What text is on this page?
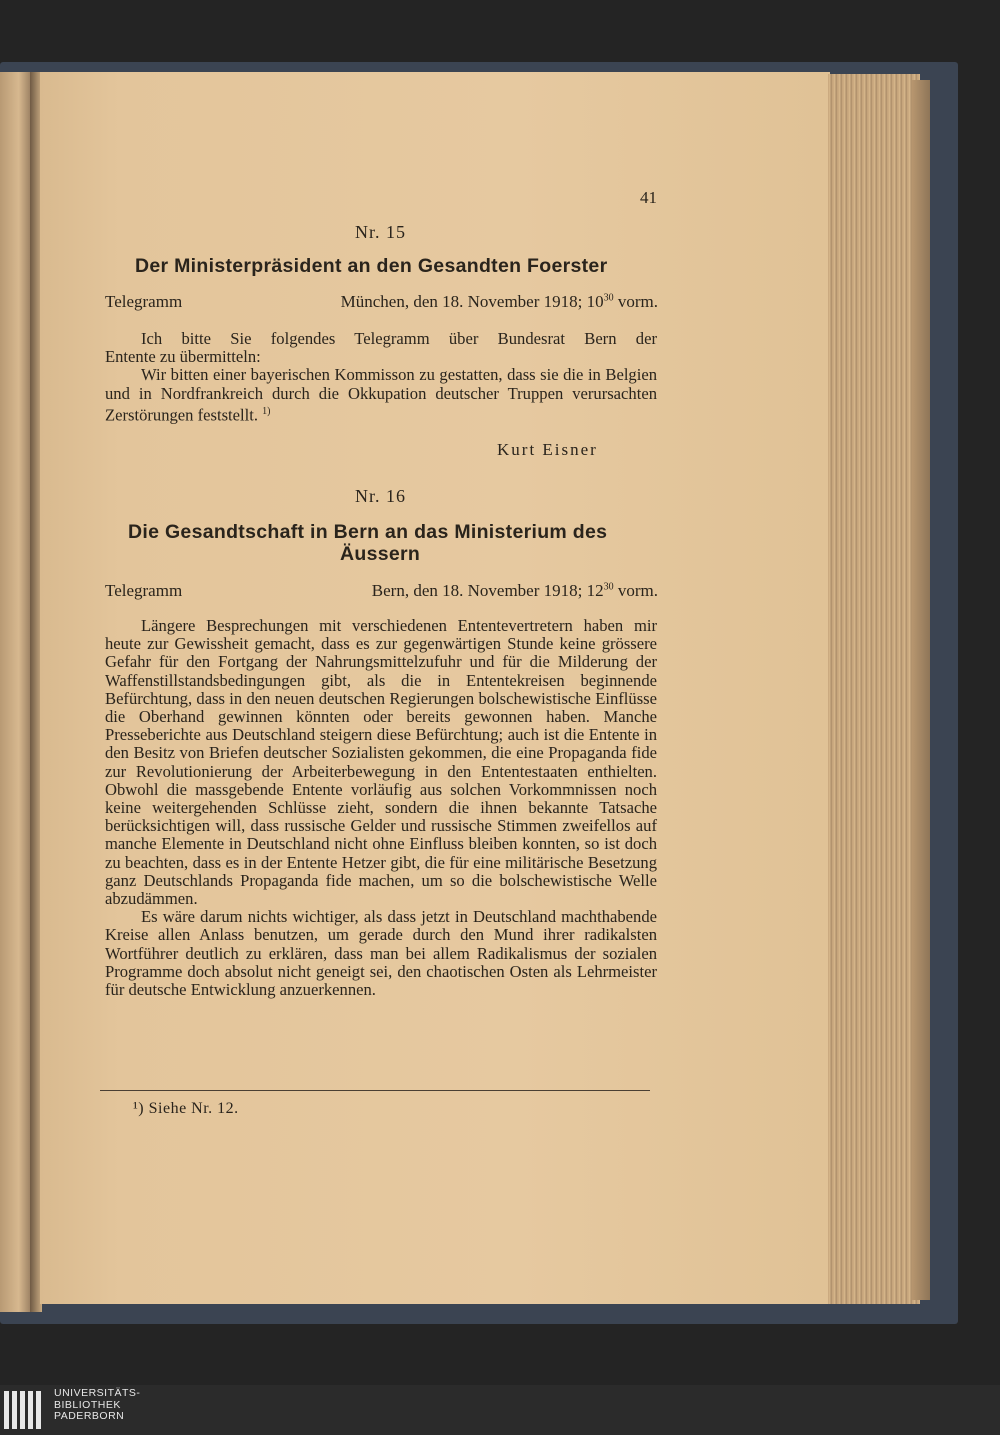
41
Nr. 15
Der Ministerpräsident an den Gesandten Foerster
Telegramm	München, den 18. November 1918; $10^{30}$ vorm.
Ich bitte Sie folgendes Telegramm über Bundesrat Bern der
Entente zu übermitteln:

Wir bitten einer bayerischen Kommisson zu gestatten, dass sie die in Belgien und in Nordfrankreich durch die Okkupation deutscher Truppen verursachten Zerstörungen feststellt. $^{1)}$

Kurt Eisner
Nr. 16
Die Gesandtschaft in Bern an das Ministerium des
Äussern
Telegramm	Bern, den 18. November 1918; $12^{30}$ vorm.

Längere Besprechungen mit verschiedenen Ententevertretern haben mir heute zur Gewissheit gemacht, dass es zur gegenwärtigen Stunde keine grössere Gefahr für den Fortgang der Nahrungsmittelzufuhr und für die Milderung der Waffenstillstandsbedingungen gibt, als die in Ententekreisen beginnende Befürchtung, dass in den neuen deutschen Regierungen bolschewistische Einflüsse die Oberhand gewinnen könnten oder bereits gewonnen haben. Manche Presseberichte aus Deutschland steigern diese Befürchtung; auch ist die Entente in den Besitz von Briefen deutscher Sozialisten gekommen, die eine Propaganda fide zur Revolutionierung der Arbeiterbewegung in den Ententestaaten enthielten. Obwohl die massgebende Entente vorläufig aus solchen Vorkommnissen noch keine weitergehenden Schlüsse zieht, sondern die ihnen bekannte Tatsache berücksichtigen will, dass russische Gelder und russische Stimmen zweifellos auf manche Elemente in Deutschland nicht ohne Einfluss bleiben konnten, so ist doch zu beachten, dass es in der Entente Hetzer gibt, die für eine militärische Besetzung ganz Deutschlands Propaganda fide machen, um so die bolschewistische Welle abzudämmen.

Es wäre darum nichts wichtiger, als dass jetzt in Deutschland machthabende Kreise allen Anlass benutzen, um gerade durch den Mund ihrer radikalsten Wortführer deutlich zu erklären, dass man bei allem Radikalismus der sozialen Programme doch absolut nicht geneigt sei, den chaotischen Osten als Lehrmeister für deutsche Entwicklung anzuerkennen.

¹) Siehe Nr. 12.
UNIVERSITÄTS-
BIBLIOTHEK
PADERBORN
